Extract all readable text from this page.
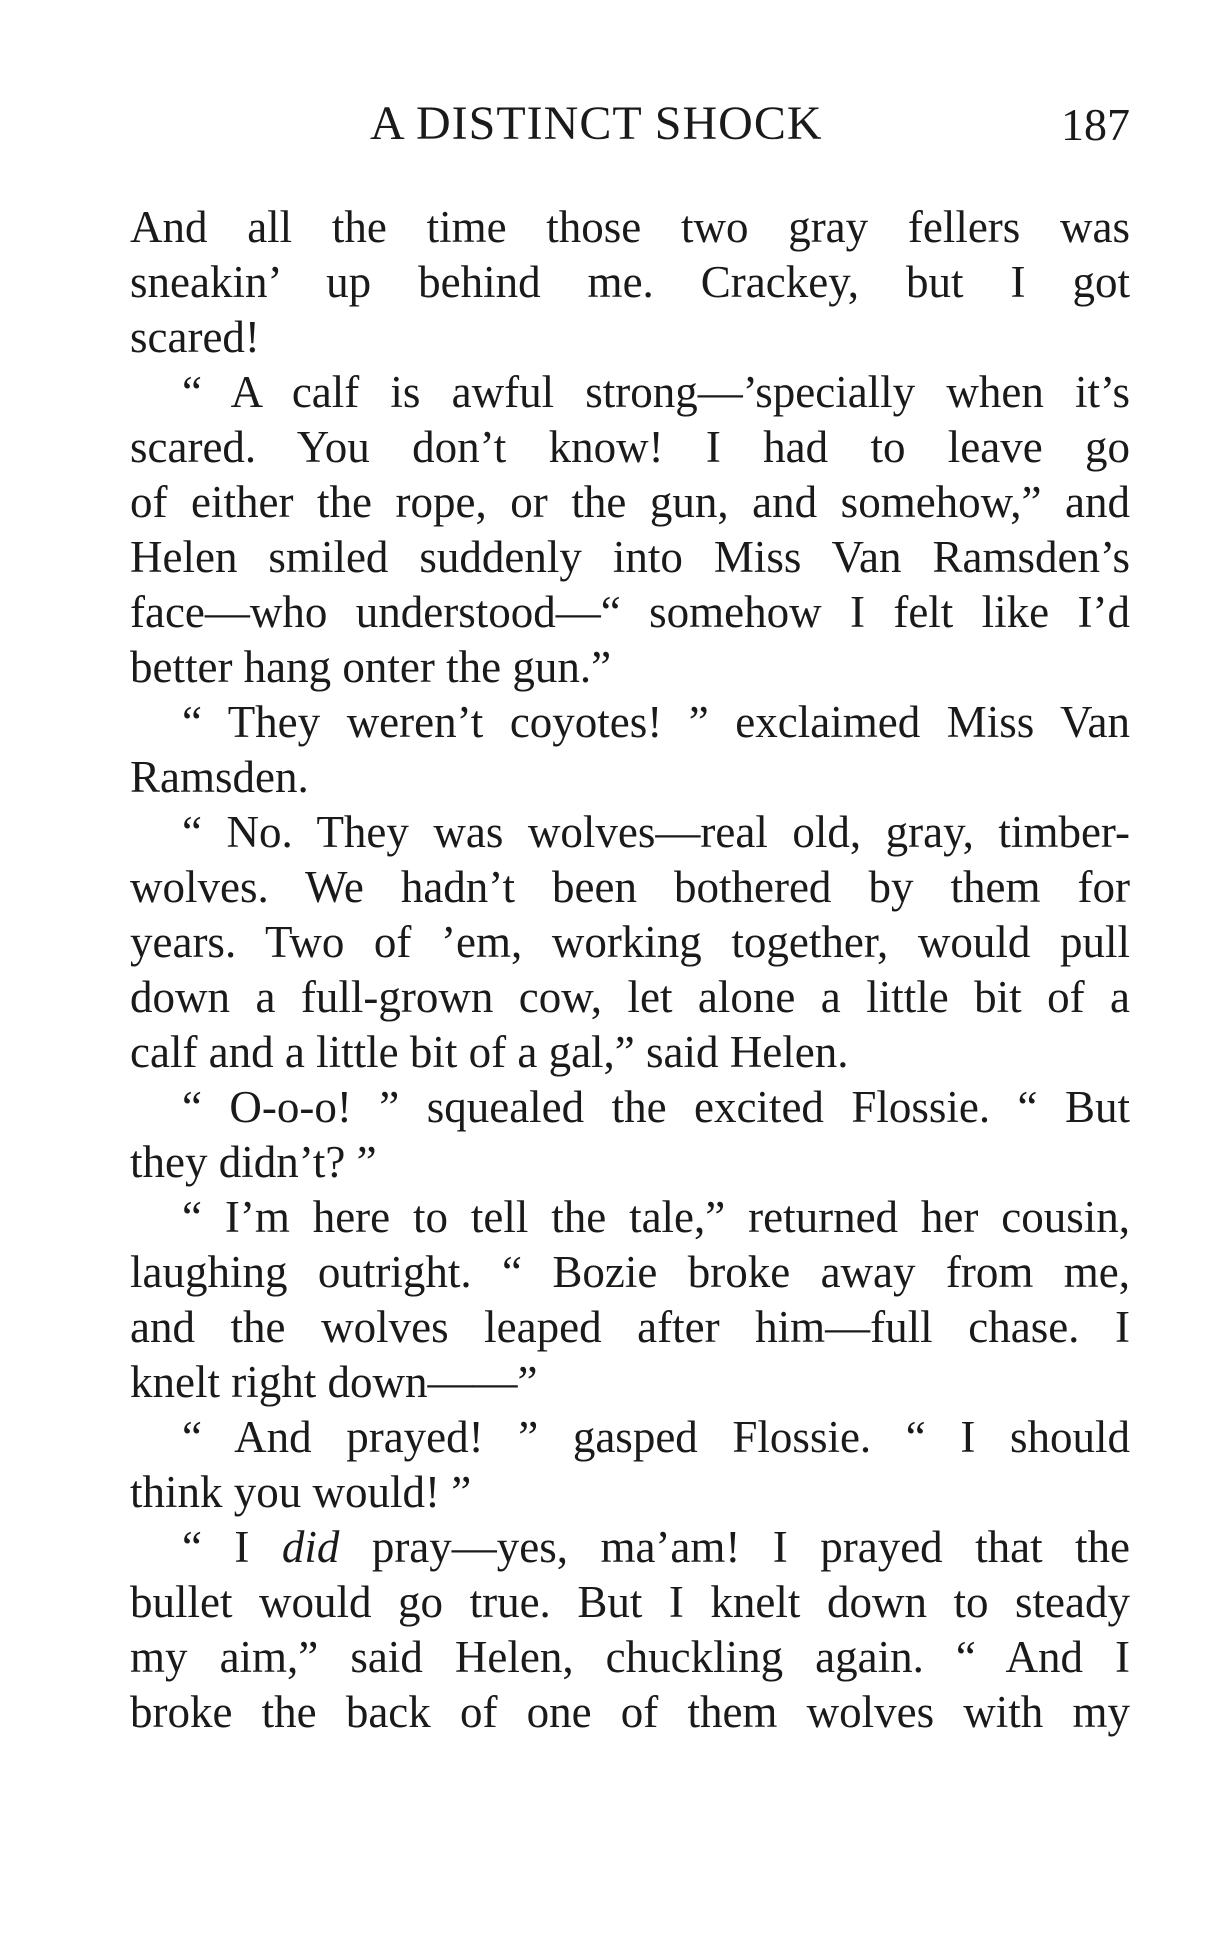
A DISTINCT SHOCK	187
And all the time those two gray fellers was
sneakin’ up behind me. Crackey, but I got
scared!
“ A calf is awful strong—’specially when it’s
scared. You don’t know! I had to leave go
of either the rope, or the gun, and somehow,” and
Helen smiled suddenly into Miss Van Ramsden’s
face—who understood—“ somehow I felt like I’d
better hang onter the gun.”
“ They weren’t coyotes! ” exclaimed Miss Van
Ramsden.
“ No. They was wolves—real old, gray, timber-
wolves. We hadn’t been bothered by them for
years. Two of ’em, working together, would pull
down a full-grown cow, let alone a little bit of a
calf and a little bit of a gal,” said Helen.
“ O-o-o! ” squealed the excited Flossie. “ But
they didn’t? ”
“ I’m here to tell the tale,” returned her cousin,
laughing outright. “ Bozie broke away from me,
and the wolves leaped after him—full chase. I
knelt right down——”
“ And prayed! ” gasped Flossie. “ I should
think you would! ”
“ I did pray—yes, ma’am! I prayed that the
bullet would go true. But I knelt down to steady
my aim,” said Helen, chuckling again. “ And I
broke the back of one of them wolves with my
